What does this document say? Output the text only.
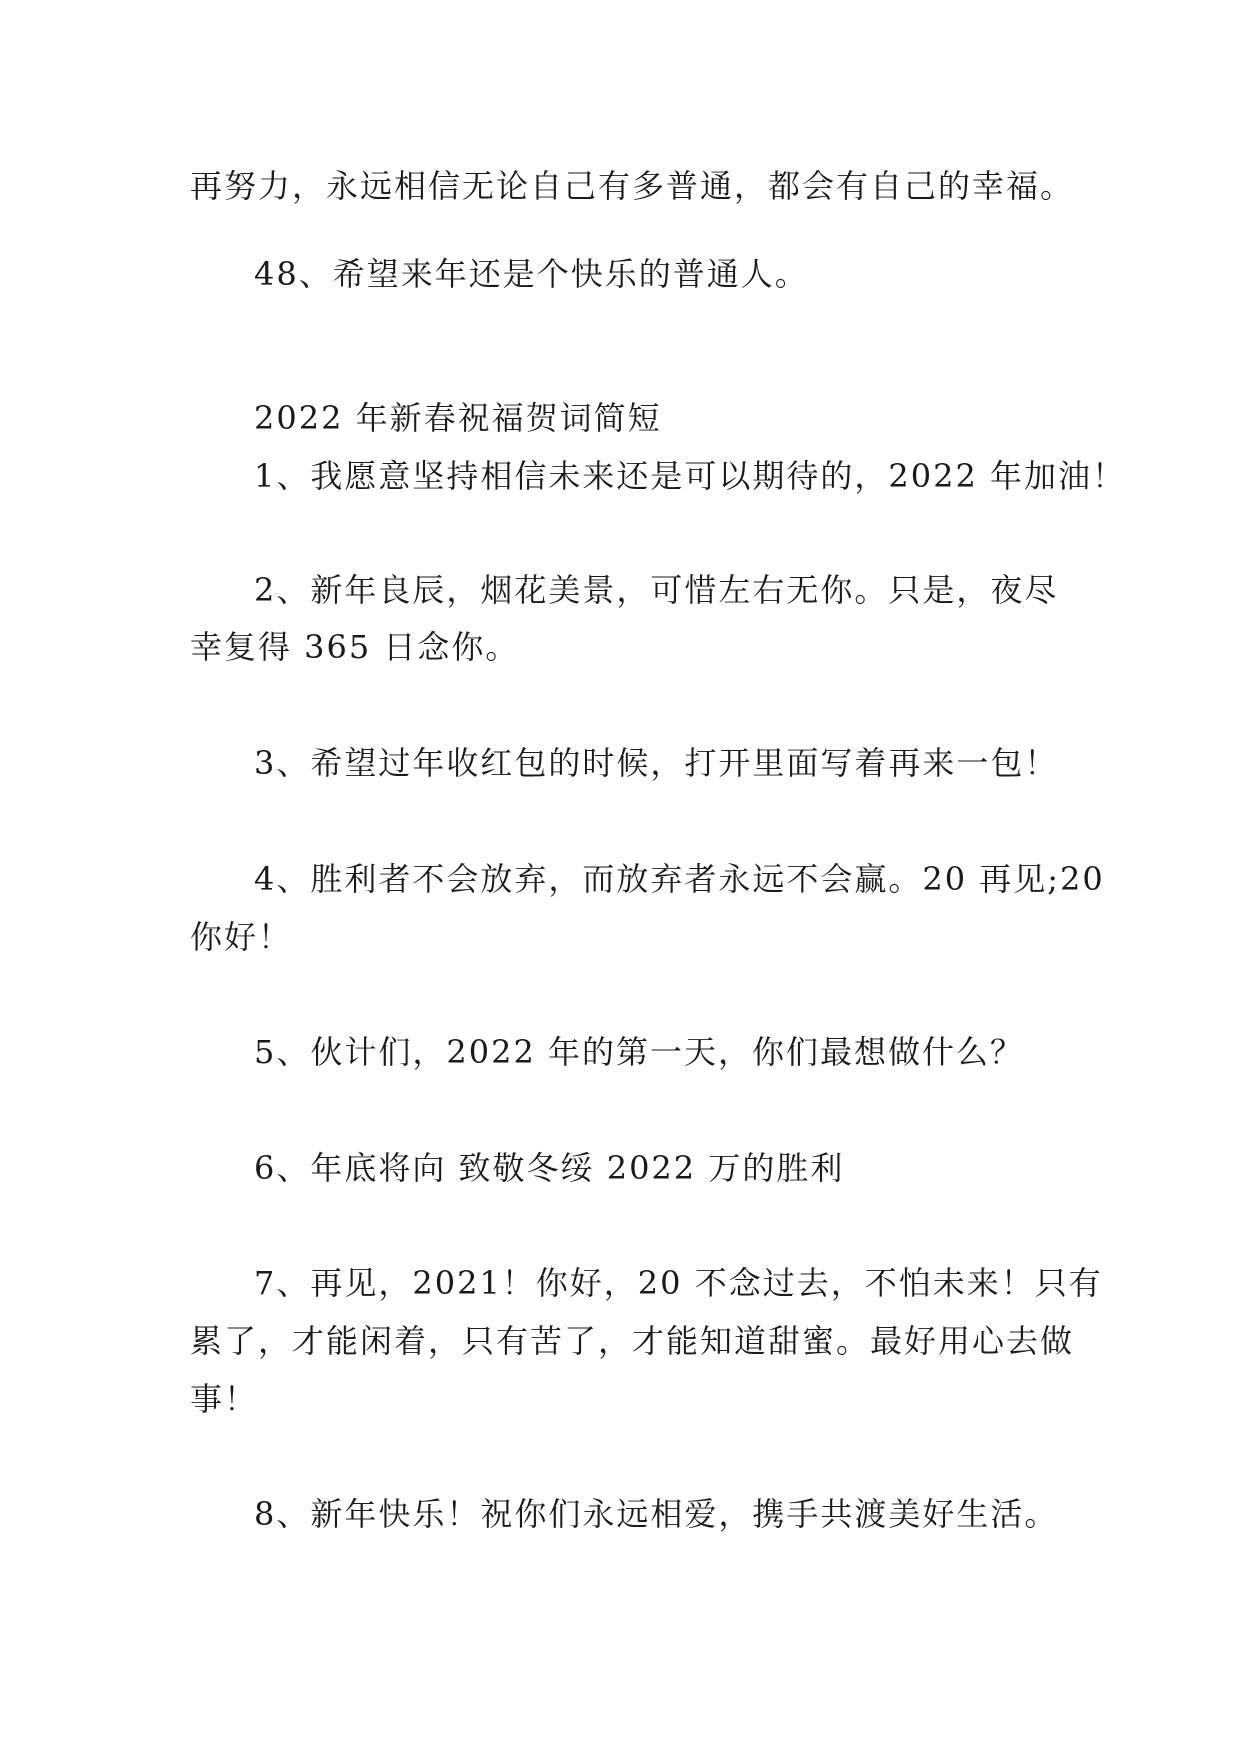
再努力，永远相信无论自己有多普通，都会有自己的幸福。

48、希望来年还是个快乐的普通人。

2022 年新春祝福贺词简短

1、我愿意坚持相信未来还是可以期待的，2022 年加油！

2、新年良辰，烟花美景，可惜左右无你。只是，夜尽

幸复得 365 日念你。

3、希望过年收红包的时候，打开里面写着再来一包！

4、胜利者不会放弃，而放弃者永远不会赢。20 再见;20

你好！

5、伙计们，2022 年的第一天，你们最想做什么？

6、年底将向 致敬冬绥 2022 万的胜利

7、再见，2021！你好，20 不念过去，不怕未来！只有

累了，才能闲着，只有苦了，才能知道甜蜜。最好用心去做

事！

8、新年快乐！祝你们永远相爱，携手共渡美好生活。
